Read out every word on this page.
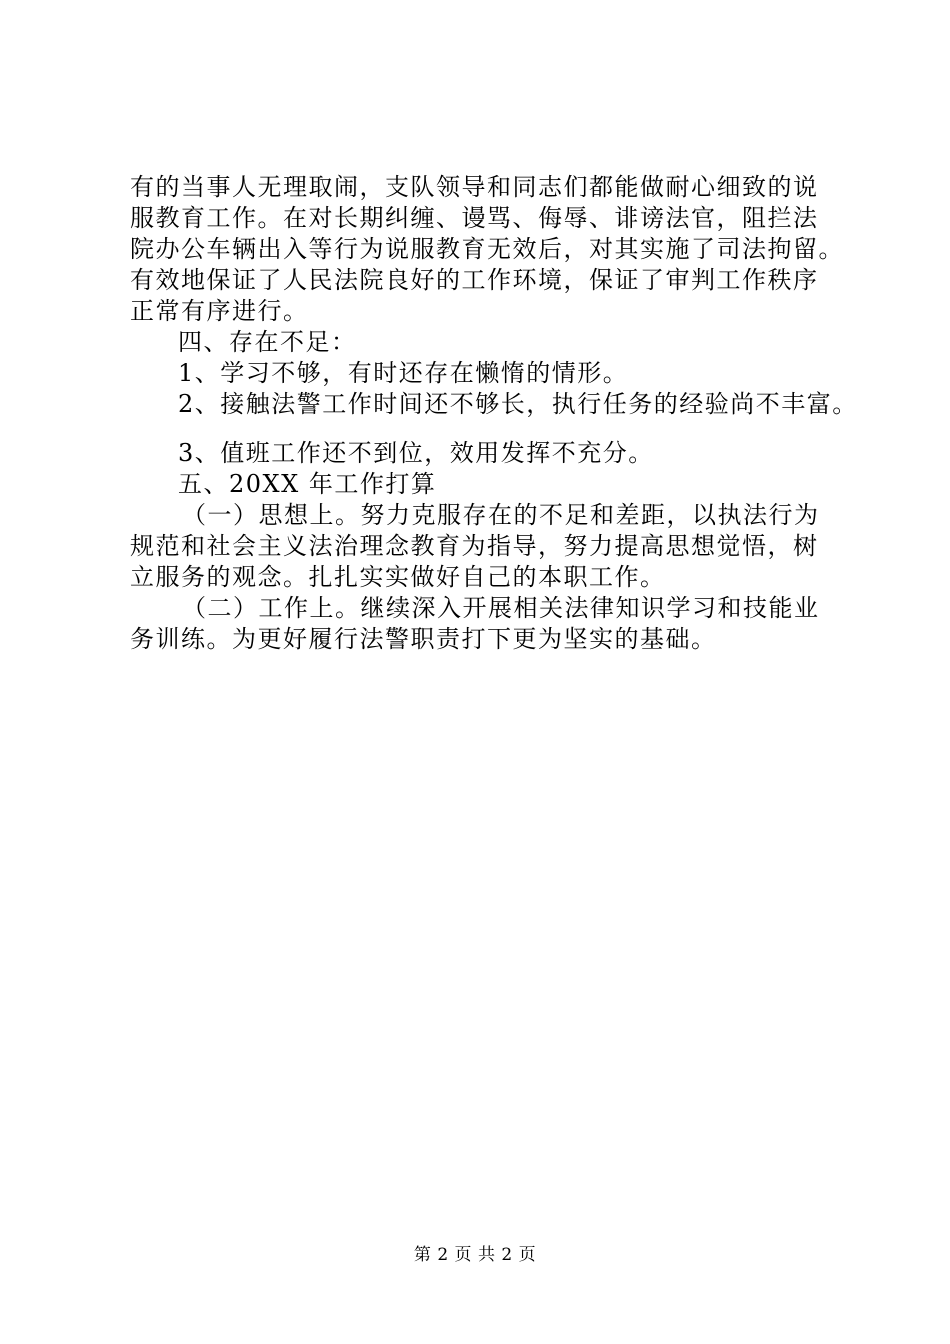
有的当事人无理取闹，支队领导和同志们都能做耐心细致的说

服教育工作。在对长期纠缠、谩骂、侮辱、诽谤法官，阻拦法

院办公车辆出入等行为说服教育无效后，对其实施了司法拘留。

有效地保证了人民法院良好的工作环境，保证了审判工作秩序

正常有序进行。

四、存在不足：

1、学习不够，有时还存在懒惰的情形。

2、接触法警工作时间还不够长，执行任务的经验尚不丰富。

3、值班工作还不到位，效用发挥不充分。

五、20XX 年工作打算

（一）思想上。努力克服存在的不足和差距，以执法行为

规范和社会主义法治理念教育为指导，努力提高思想觉悟，树

立服务的观念。扎扎实实做好自己的本职工作。

（二）工作上。继续深入开展相关法律知识学习和技能业

务训练。为更好履行法警职责打下更为坚实的基础。

第 2 页 共 2 页
